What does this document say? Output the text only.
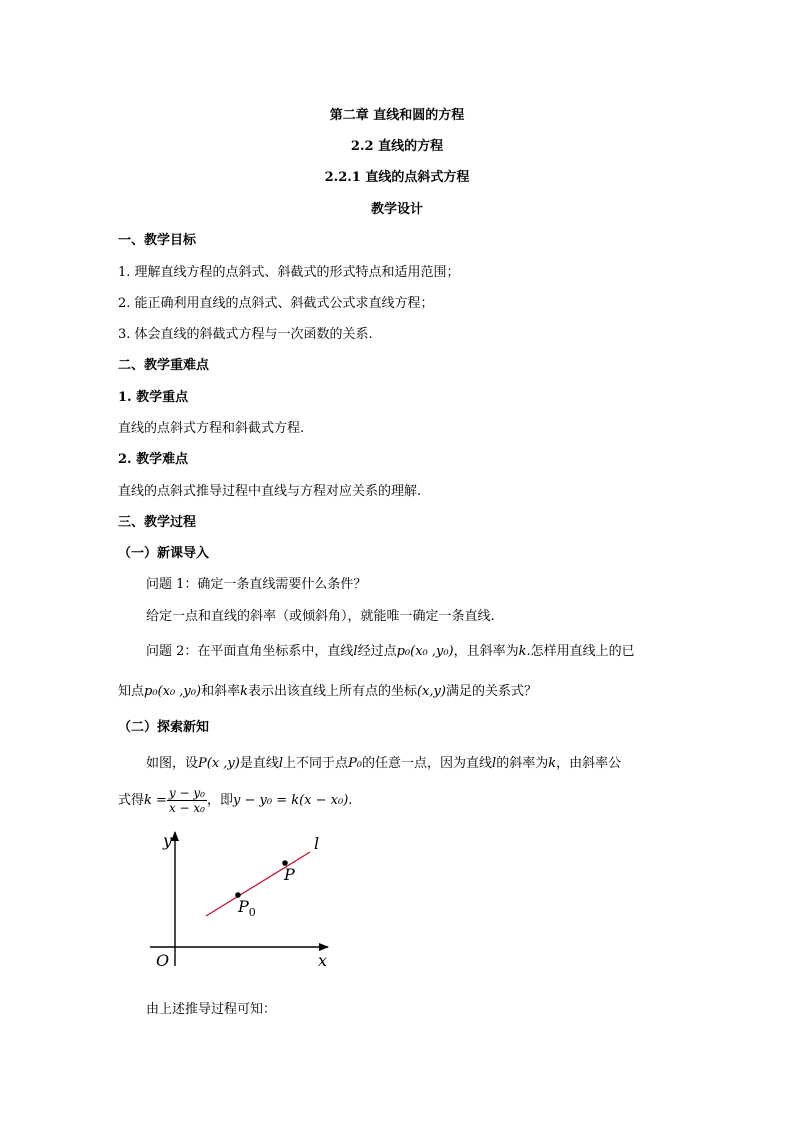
第二章 直线和圆的方程
2.2 直线的方程
2.2.1 直线的点斜式方程
教学设计
一、教学目标
1. 理解直线方程的点斜式、斜截式的形式特点和适用范围；
2. 能正确利用直线的点斜式、斜截式公式求直线方程；
3. 体会直线的斜截式方程与一次函数的关系.
二、教学重难点
1. 教学重点
直线的点斜式方程和斜截式方程.
2. 教学难点
直线的点斜式推导过程中直线与方程对应关系的理解.
三、教学过程
（一）新课导入
问题 1：确定一条直线需要什么条件？
给定一点和直线的斜率（或倾斜角），就能唯一确定一条直线.
问题 2：在平面直角坐标系中，直线l经过点p₀(x₀ ,y₀)，且斜率为k.怎样用直线上的已
知点p₀(x₀ ,y₀)和斜率k表示出该直线上所有点的坐标(x,y)满足的关系式？
（二）探索新知
如图，设P(x ,y)是直线l上不同于点P₀的任意一点，因为直线l的斜率为k，由斜率公
式得$k = \frac{\text{y − y₀}}{\text{x − x₀}}$ ，即y − y₀ = k(x − x₀).
y
x
O
l
P
$P_0$
由上述推导过程可知：
